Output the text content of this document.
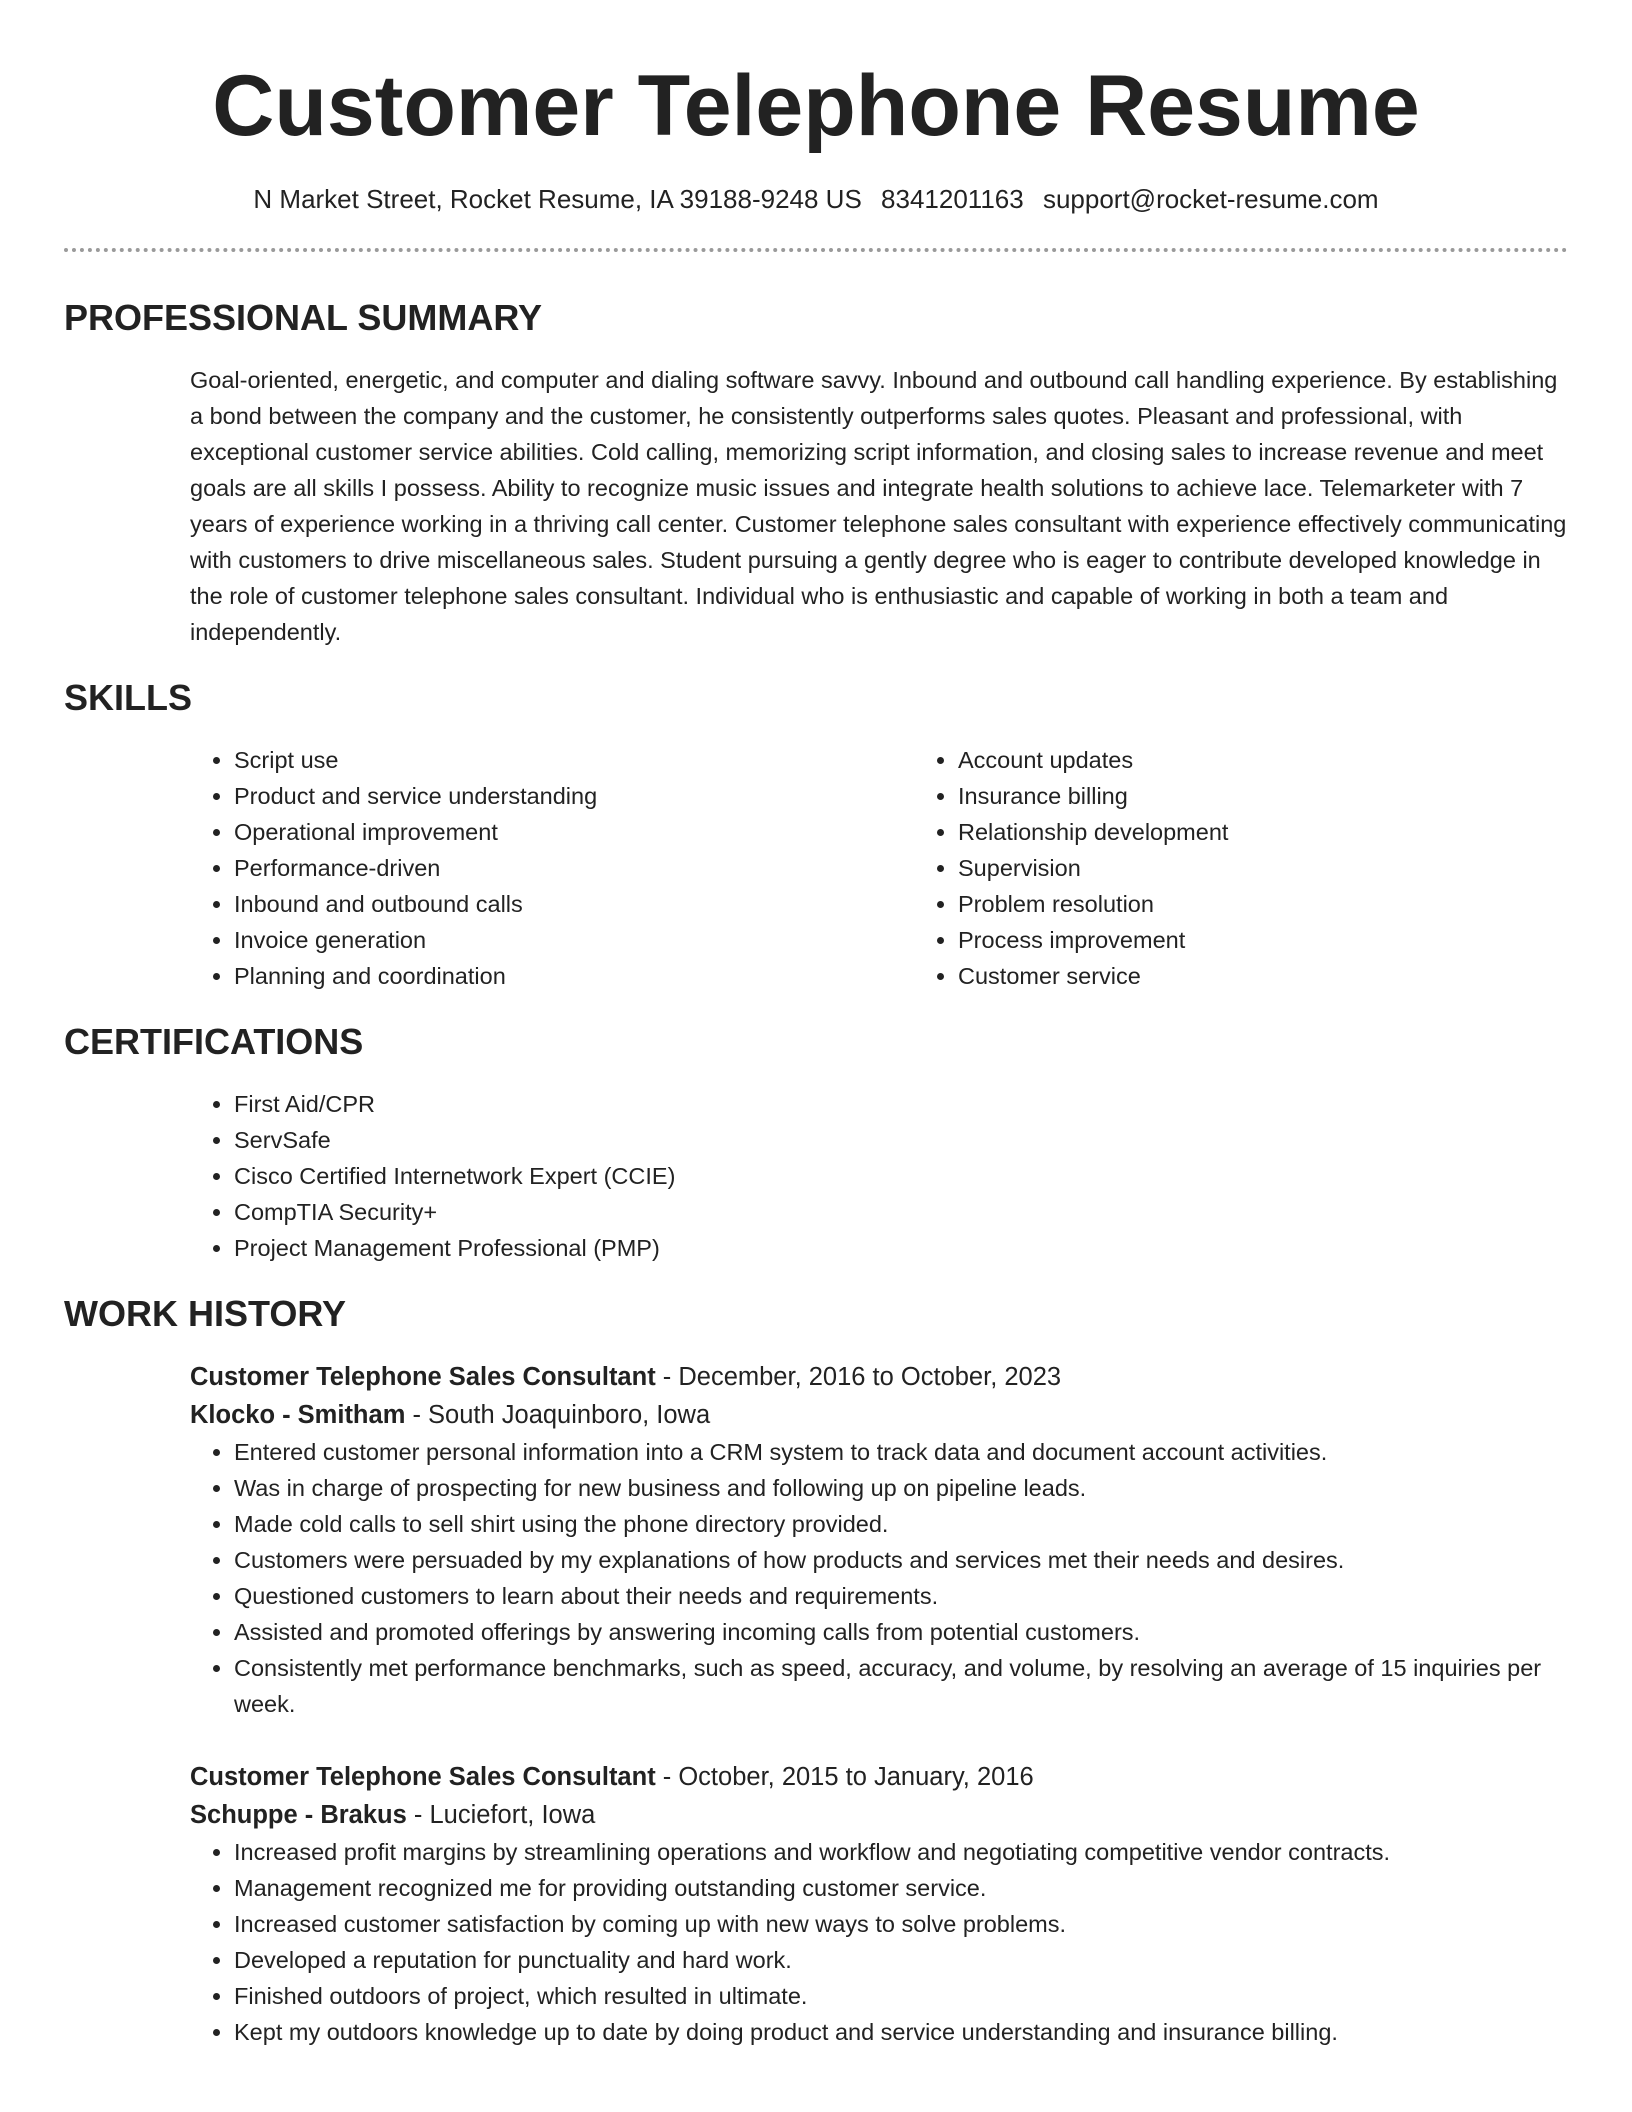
Customer Telephone Resume
N Market Street, Rocket Resume, IA 39188-9248 US 8341201163 support@rocket-resume.com
PROFESSIONAL SUMMARY

Goal-oriented, energetic, and computer and dialing software savvy. Inbound and outbound call handling experience. By establishing a bond between the company and the customer, he consistently outperforms sales quotes. Pleasant and professional, with exceptional customer service abilities. Cold calling, memorizing script information, and closing sales to increase revenue and meet goals are all skills I possess. Ability to recognize music issues and integrate health solutions to achieve lace. Telemarketer with 7 years of experience working in a thriving call center. Customer telephone sales consultant with experience effectively communicating with customers to drive miscellaneous sales. Student pursuing a gently degree who is eager to contribute developed knowledge in the role of customer telephone sales consultant. Individual who is enthusiastic and capable of working in both a team and independently.

SKILLS
• Script use
• Product and service understanding
• Operational improvement
• Performance-driven
• Inbound and outbound calls
• Invoice generation
• Planning and coordination
• Account updates
• Insurance billing
• Relationship development
• Supervision
• Problem resolution
• Process improvement
• Customer service
CERTIFICATIONS
• First Aid/CPR
• ServSafe
• Cisco Certified Internetwork Expert (CCIE)
• CompTIA Security+
• Project Management Professional (PMP)
WORK HISTORY
Customer Telephone Sales Consultant - December, 2016 to October, 2023
Klocko - Smitham - South Joaquinboro, Iowa
• Entered customer personal information into a CRM system to track data and document account activities.
• Was in charge of prospecting for new business and following up on pipeline leads.
• Made cold calls to sell shirt using the phone directory provided.
• Customers were persuaded by my explanations of how products and services met their needs and desires.
• Questioned customers to learn about their needs and requirements.
• Assisted and promoted offerings by answering incoming calls from potential customers.
• Consistently met performance benchmarks, such as speed, accuracy, and volume, by resolving an average of 15 inquiries per week.
Customer Telephone Sales Consultant - October, 2015 to January, 2016
Schuppe - Brakus - Luciefort, Iowa
• Increased profit margins by streamlining operations and workflow and negotiating competitive vendor contracts.
• Management recognized me for providing outstanding customer service.
• Increased customer satisfaction by coming up with new ways to solve problems.
• Developed a reputation for punctuality and hard work.
• Finished outdoors of project, which resulted in ultimate.
• Kept my outdoors knowledge up to date by doing product and service understanding and insurance billing.
